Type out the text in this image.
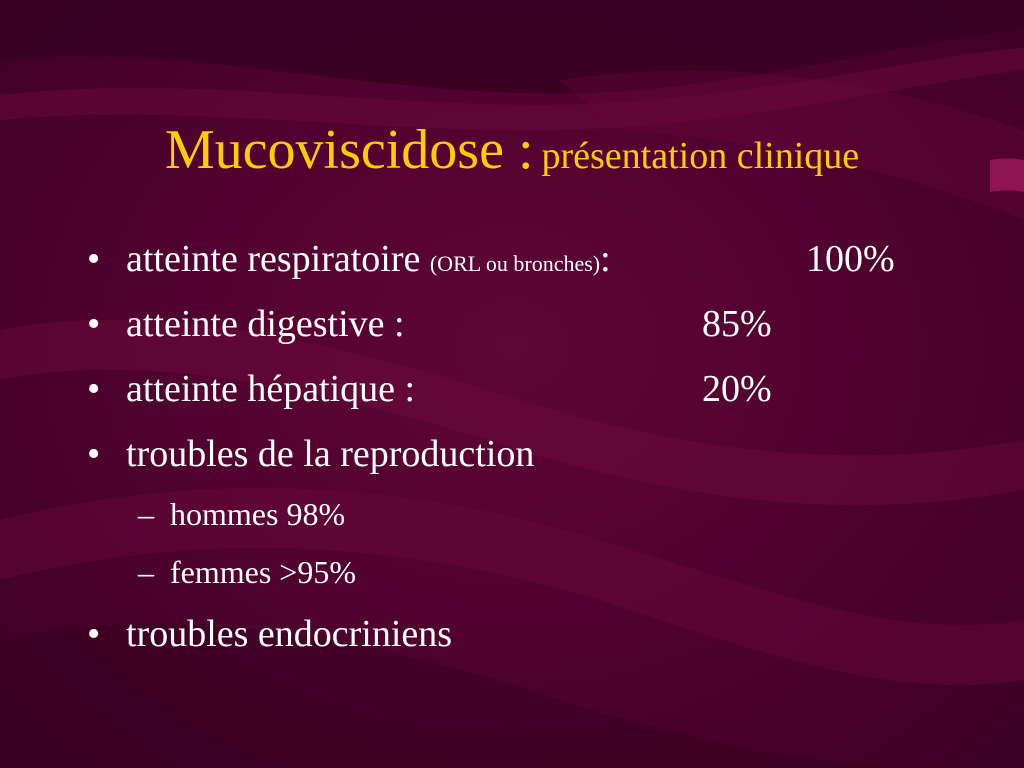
Mucoviscidose : présentation clinique
• atteinte respiratoire (ORL ou bronches):	100%
• atteinte digestive :	85%
• atteinte hépatique :	20%
• troubles de la reproduction
– hommes 98%
– femmes >95%
• troubles endocriniens
